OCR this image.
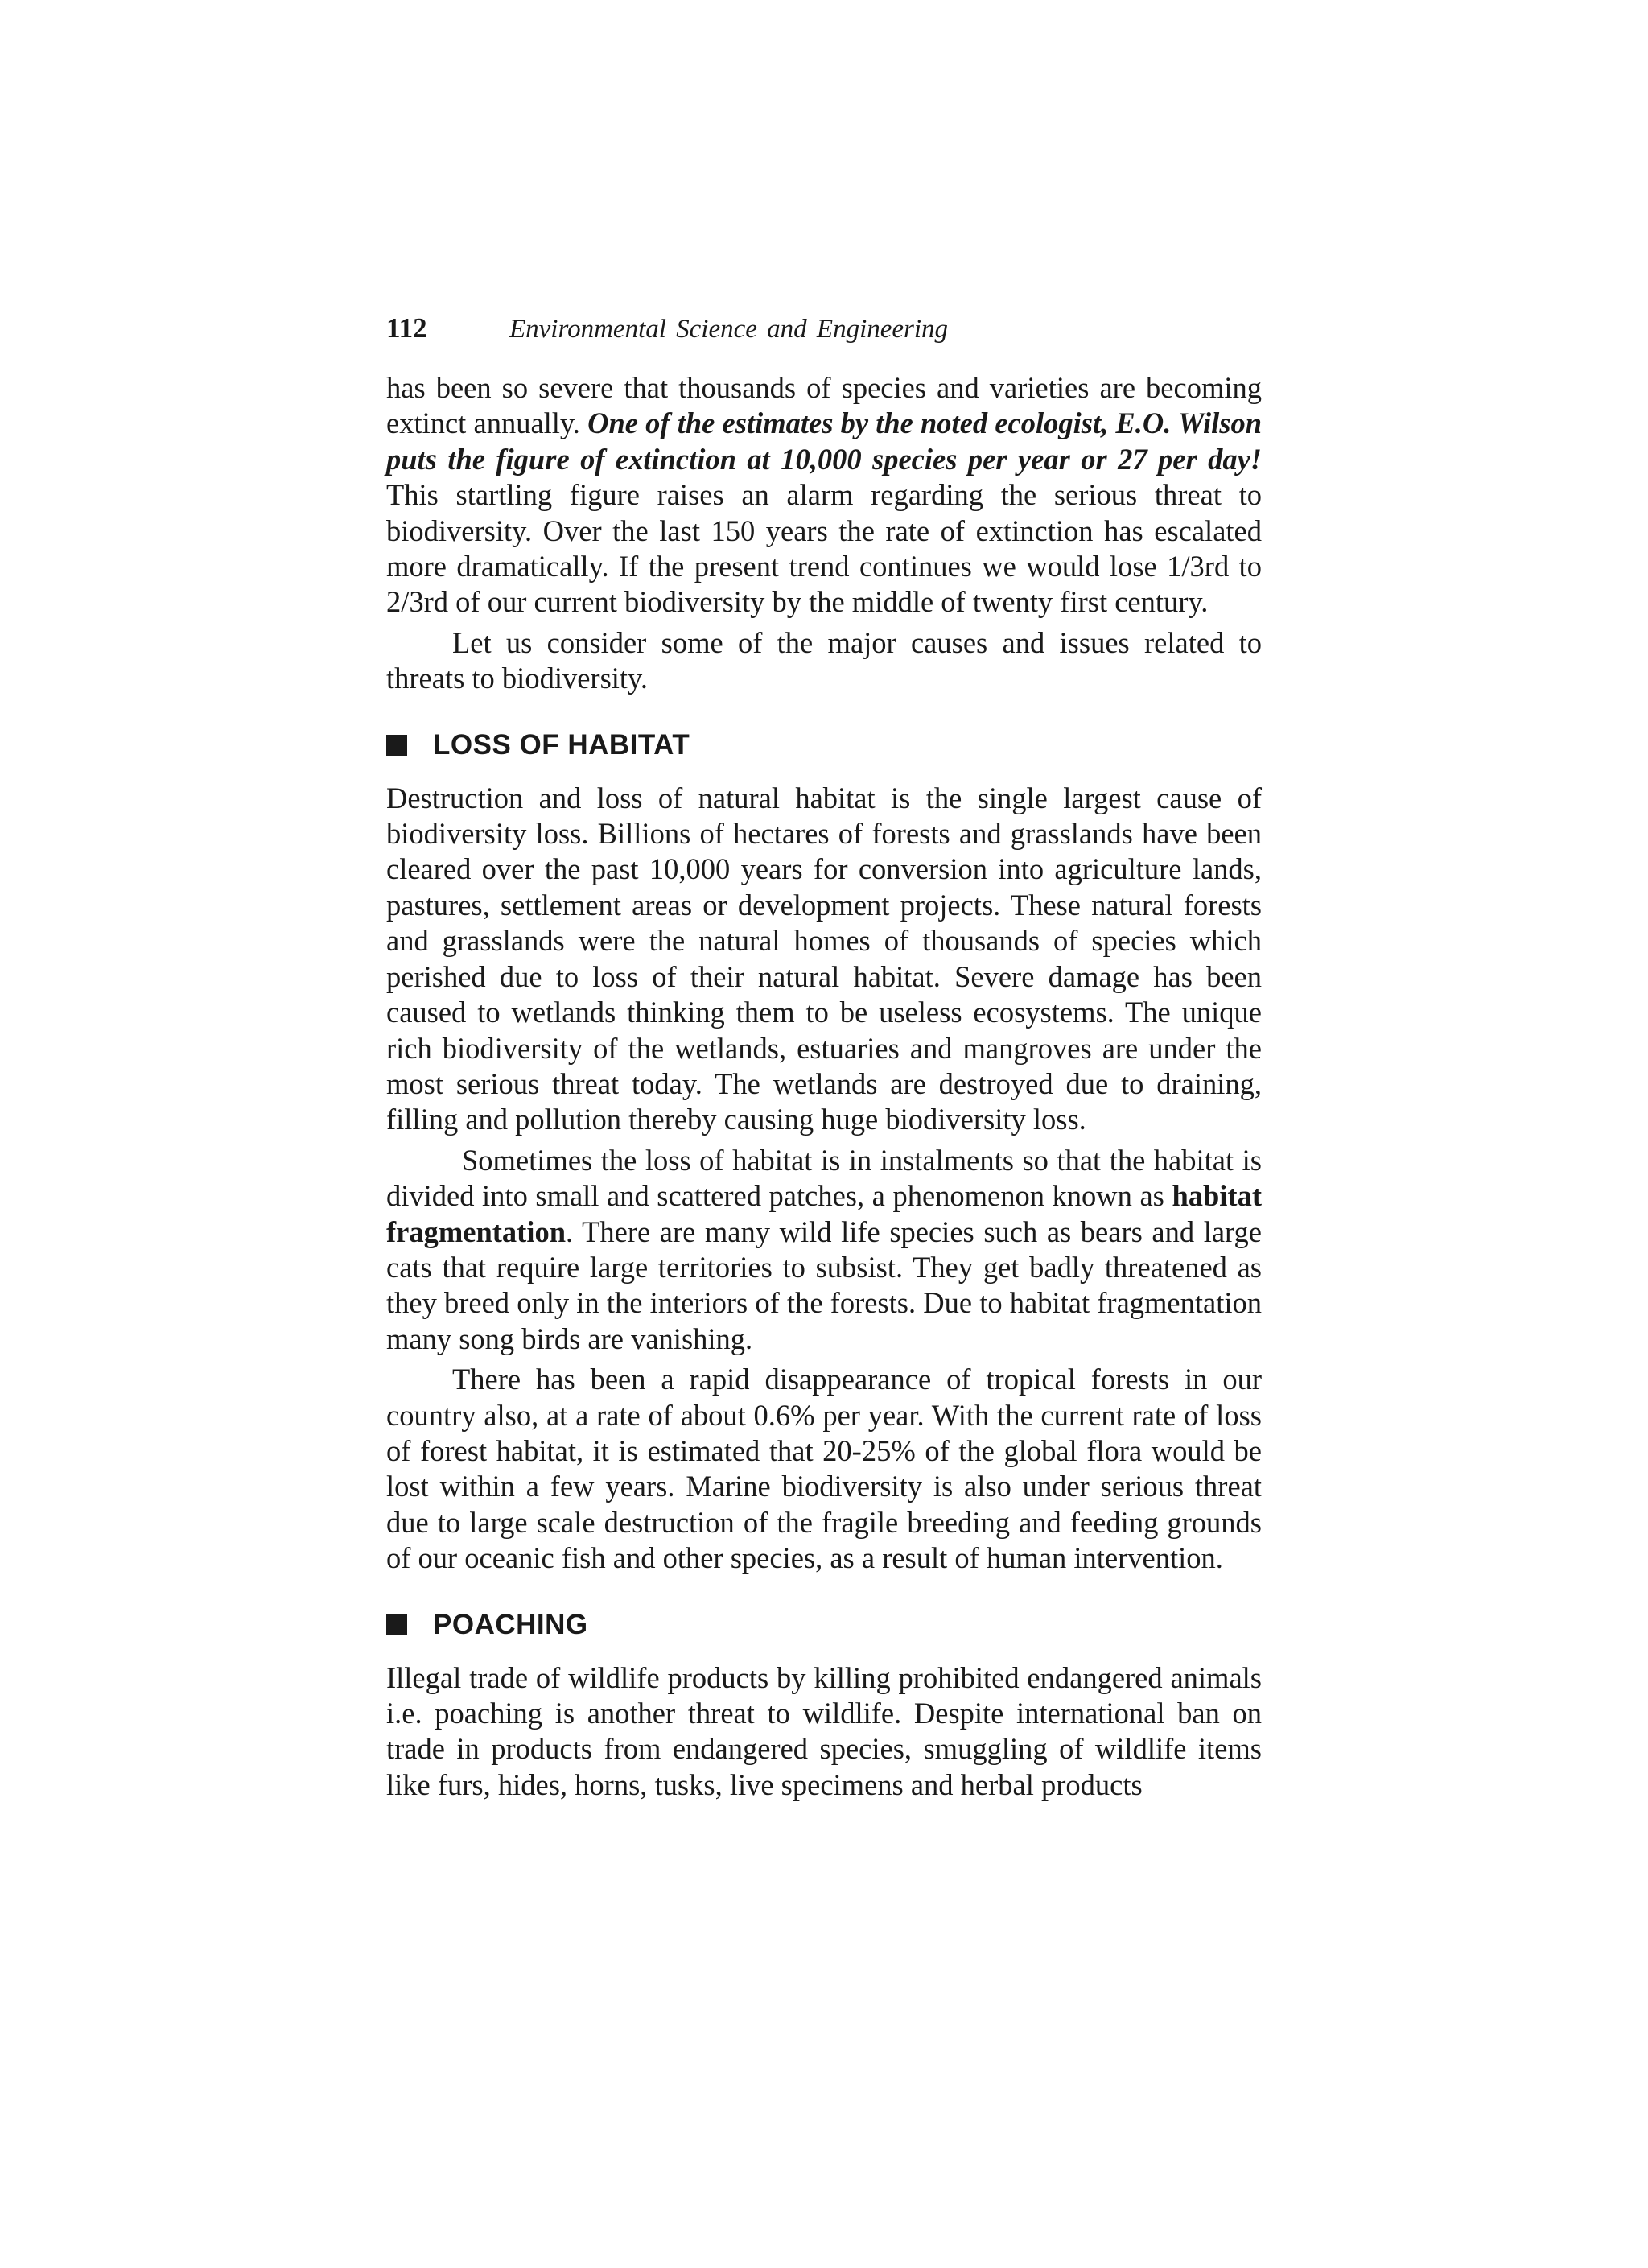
112	Environmental Science and Engineering

has been so severe that thousands of species and varieties are becoming extinct annually. One of the estimates by the noted ecologist, E.O. Wilson puts the figure of extinction at 10,000 species per year or 27 per day! This startling figure raises an alarm regarding the serious threat to biodiversity. Over the last 150 years the rate of extinction has escalated more dramatically. If the present trend continues we would lose 1/3rd to 2/3rd of our current biodiversity by the middle of twenty first century.

Let us consider some of the major causes and issues related to threats to biodiversity.

LOSS OF HABITAT

Destruction and loss of natural habitat is the single largest cause of biodiversity loss. Billions of hectares of forests and grasslands have been cleared over the past 10,000 years for conversion into agriculture lands, pastures, settlement areas or development projects. These natural forests and grasslands were the natural homes of thousands of species which perished due to loss of their natural habitat. Severe damage has been caused to wetlands thinking them to be useless ecosystems. The unique rich biodiversity of the wetlands, estuaries and mangroves are under the most serious threat today. The wetlands are destroyed due to draining, filling and pollution thereby causing huge biodiversity loss.

Sometimes the loss of habitat is in instalments so that the habitat is divided into small and scattered patches, a phenomenon known as habitat fragmentation. There are many wild life species such as bears and large cats that require large territories to subsist. They get badly threatened as they breed only in the interiors of the forests. Due to habitat fragmentation many song birds are vanishing.

There has been a rapid disappearance of tropical forests in our country also, at a rate of about 0.6% per year. With the current rate of loss of forest habitat, it is estimated that 20-25% of the global flora would be lost within a few years. Marine biodiversity is also under serious threat due to large scale destruction of the fragile breeding and feeding grounds of our oceanic fish and other species, as a result of human intervention.

POACHING

Illegal trade of wildlife products by killing prohibited endangered animals i.e. poaching is another threat to wildlife. Despite international ban on trade in products from endangered species, smuggling of wildlife items like furs, hides, horns, tusks, live specimens and herbal products
